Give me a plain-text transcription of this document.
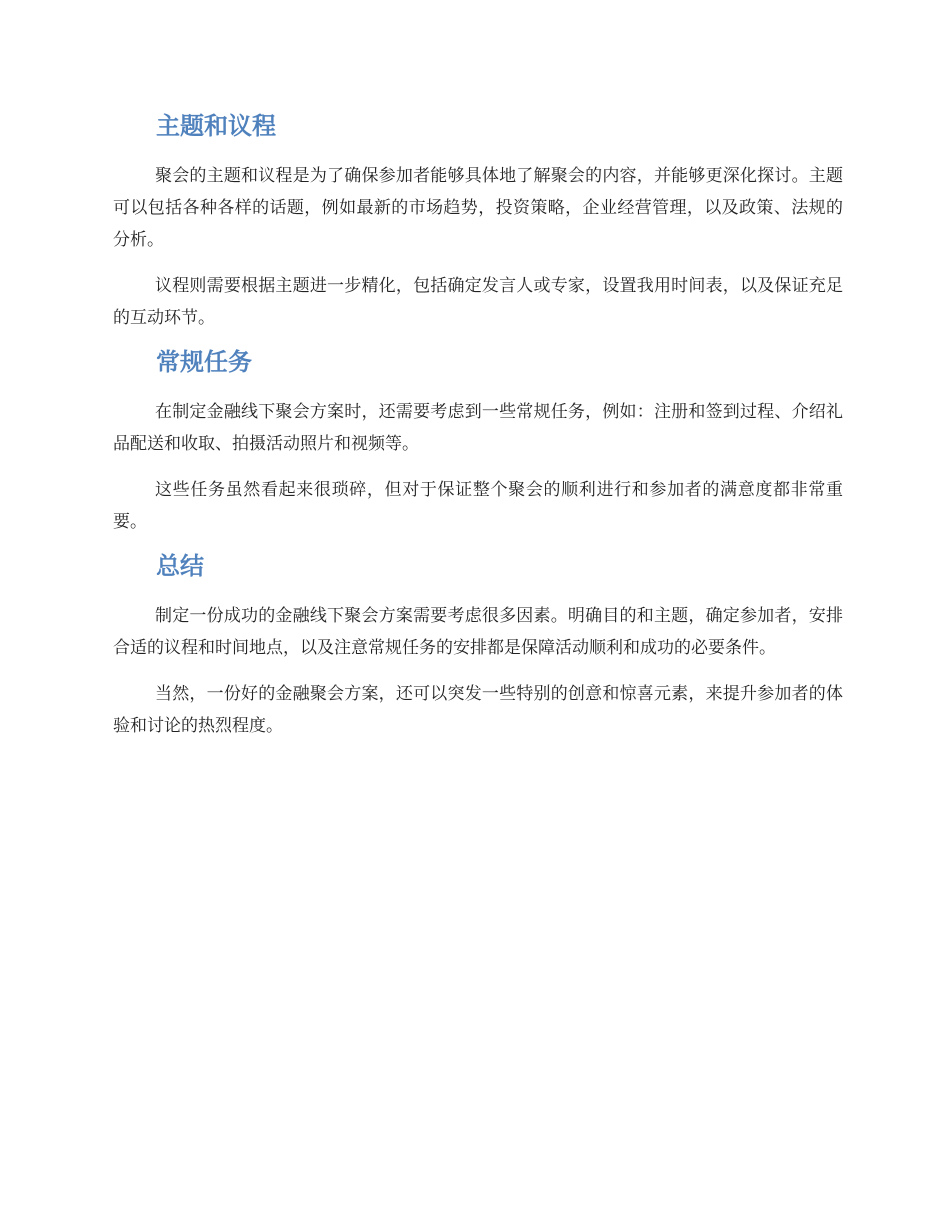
主题和议程

聚会的主题和议程是为了确保参加者能够具体地了解聚会的内容，并能够更深化探讨。主题可以包括各种各样的话题，例如最新的市场趋势，投资策略，企业经营管理，以及政策、法规的分析。

议程则需要根据主题进一步精化，包括确定发言人或专家，设置我用时间表，以及保证充足的互动环节。

常规任务

在制定金融线下聚会方案时，还需要考虑到一些常规任务，例如：注册和签到过程、介绍礼品配送和收取、拍摄活动照片和视频等。

这些任务虽然看起来很琐碎，但对于保证整个聚会的顺利进行和参加者的满意度都非常重要。

总结

制定一份成功的金融线下聚会方案需要考虑很多因素。明确目的和主题，确定参加者，安排合适的议程和时间地点，以及注意常规任务的安排都是保障活动顺利和成功的必要条件。

当然，一份好的金融聚会方案，还可以突发一些特别的创意和惊喜元素，来提升参加者的体验和讨论的热烈程度。
